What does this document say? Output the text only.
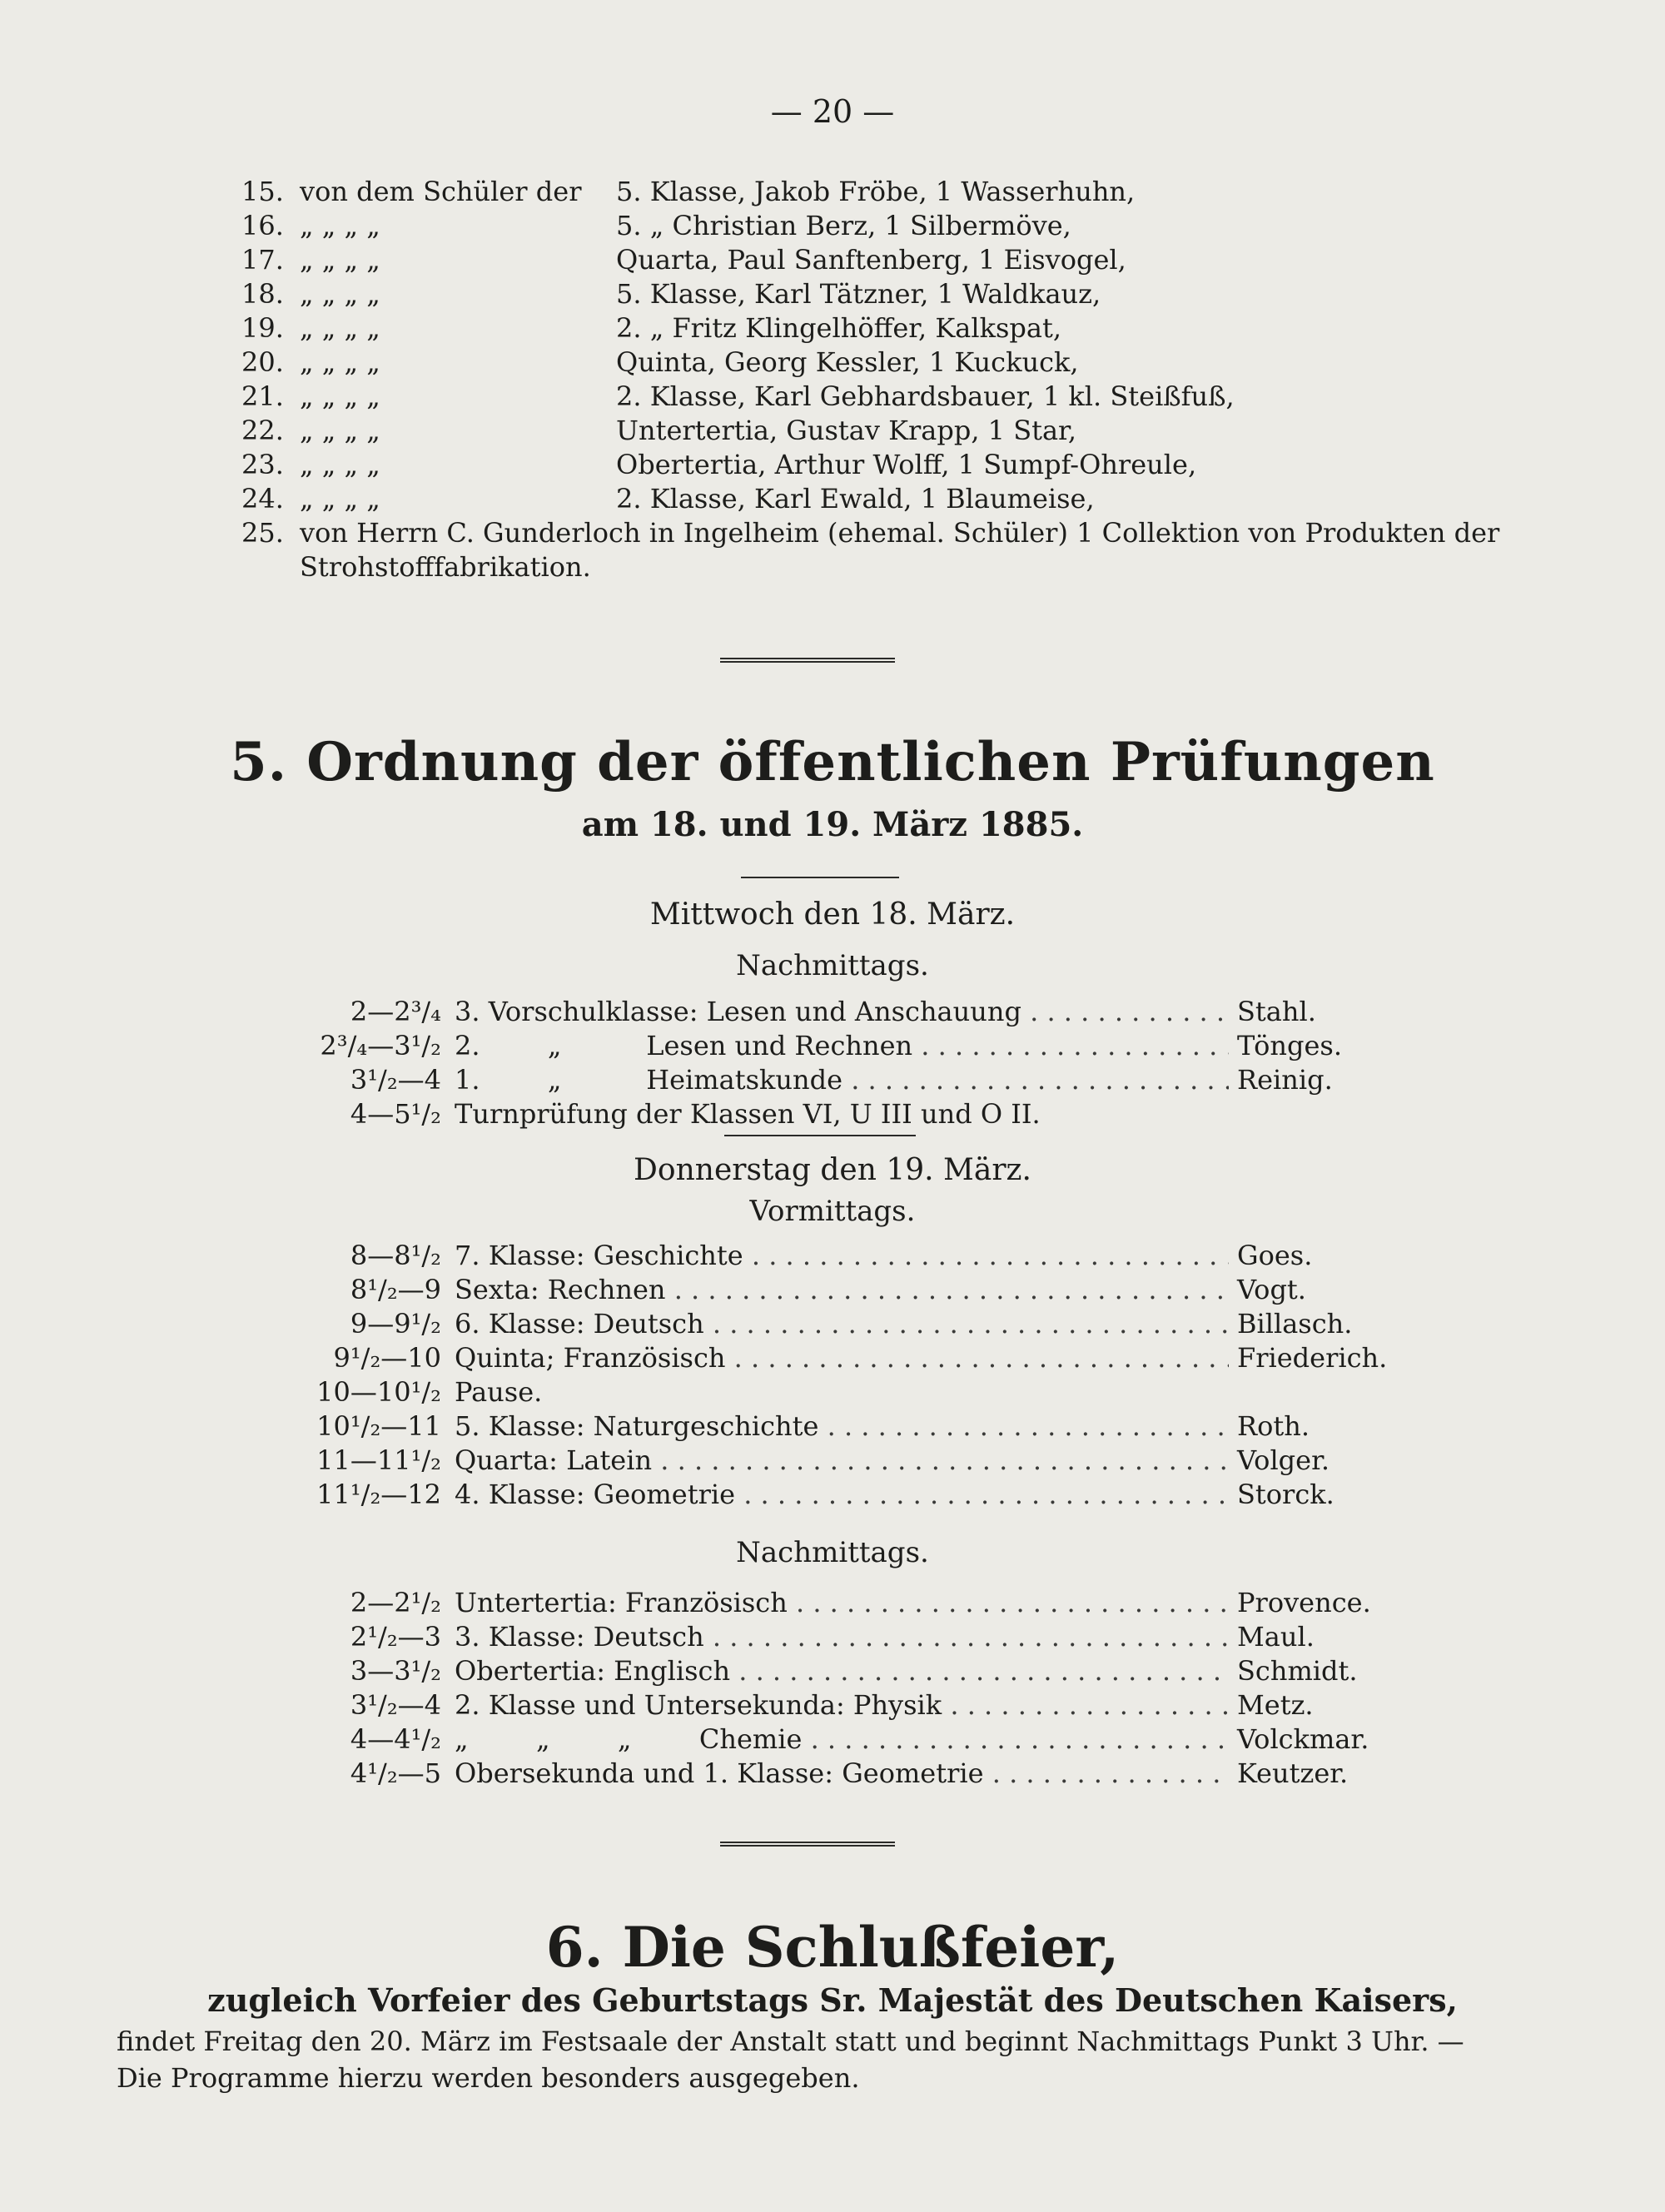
— 20 —
15. von dem Schüler der	5. Klasse, Jakob Fröbe, 1 Wasserhuhn,
16. „ „ „ „	5. „ Christian Berz, 1 Silbermöve,
17. „ „ „ „	Quarta, Paul Sanftenberg, 1 Eisvogel,
18. „ „ „ „	5. Klasse, Karl Tätzner, 1 Waldkauz,
19. „ „ „ „	2. „ Fritz Klingelhöffer, Kalkspat,
20. „ „ „ „	Quinta, Georg Kessler, 1 Kuckuck,
21. „ „ „ „	2. Klasse, Karl Gebhardsbauer, 1 kl. Steißfuß,
22. „ „ „ „	Untertertia, Gustav Krapp, 1 Star,
23. „ „ „ „	Obertertia, Arthur Wolff, 1 Sumpf-Ohreule,
24. „ „ „ „	2. Klasse, Karl Ewald, 1 Blaumeise,
25. von Herrn C. Gunderloch in Ingelheim (ehemal. Schüler) 1 Collektion von Produkten der
Strohstofffabrikation.
5. Ordnung der öffentlichen Prüfungen
am 18. und 19. März 1885.
Mittwoch den 18. März.
Nachmittags.
2—2³/₄ 3. Vorschulklasse: Lesen und Anschauung . . .	Stahl.
2³/₄—3¹/₂ 2.        „          Lesen und Rechnen . . .	Tönges.
3¹/₂—4 1.        „          Heimatskunde . . .	Reinig.
4—5¹/₂ Turnprüfung der Klassen VI, U III und O II.
Donnerstag den 19. März.
Vormittags.
8—8¹/₂ 7. Klasse: Geschichte . . .	Goes.
8¹/₂—9 Sexta: Rechnen . . .	Vogt.
9—9¹/₂ 6. Klasse: Deutsch . . .	Billasch.
9¹/₂—10 Quinta; Französisch . . .	Friederich.
10—10¹/₂ Pause.
10¹/₂—11 5. Klasse: Naturgeschichte . . .	Roth.
11—11¹/₂ Quarta: Latein . . .	Volger.
11¹/₂—12 4. Klasse: Geometrie . . .	Storck.
Nachmittags.
2—2¹/₂ Untertertia: Französisch . . .	Provence.
2¹/₂—3 3. Klasse: Deutsch . . .	Maul.
3—3¹/₂ Obertertia: Englisch . . .	Schmidt.
3¹/₂—4 2. Klasse und Untersekunda: Physik . . .	Metz.
4—4¹/₂ „        „        „        Chemie . . .	Volckmar.
4¹/₂—5 Obersekunda und 1. Klasse: Geometrie . . .	Keutzer.
6. Die Schlußfeier,
zugleich Vorfeier des Geburtstags Sr. Majestät des Deutschen Kaisers,
findet Freitag den 20. März im Festsaale der Anstalt statt und beginnt Nachmittags Punkt 3 Uhr. —
Die Programme hierzu werden besonders ausgegeben.
